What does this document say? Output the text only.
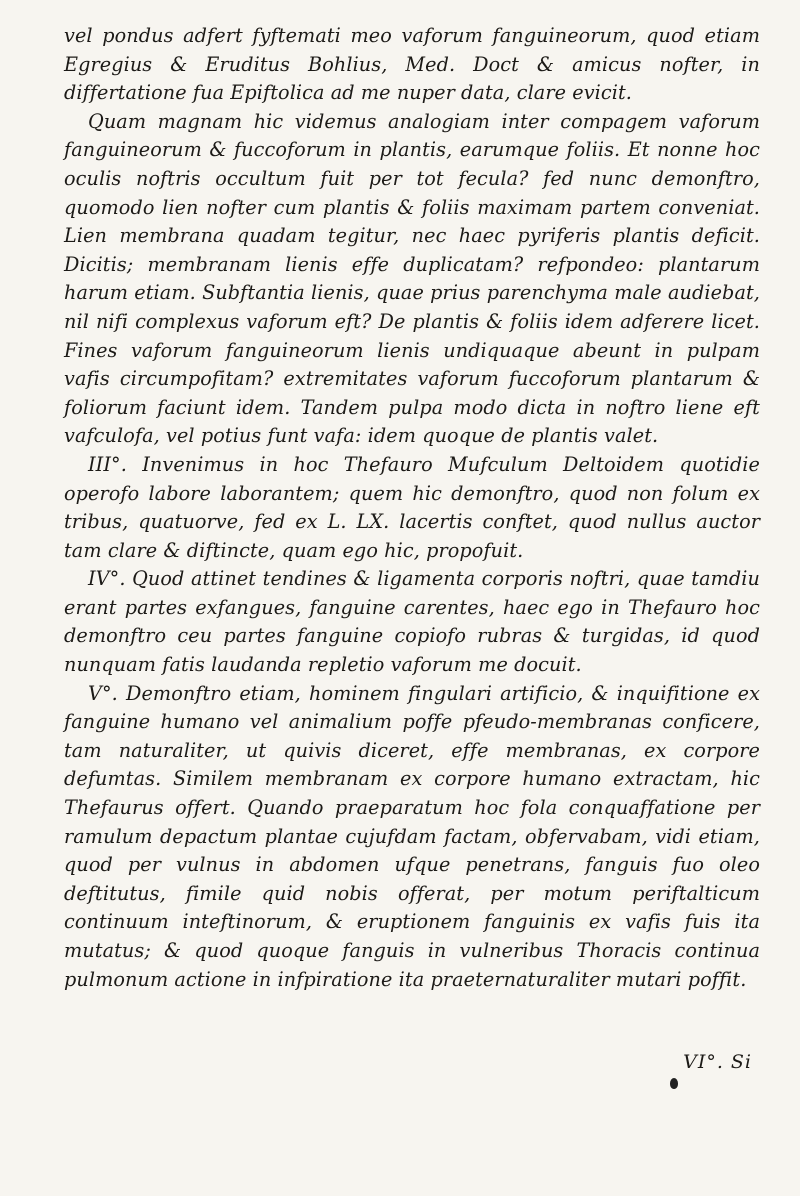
vel pondus adfert fyftemati meo vaforum fanguineorum, quod etiam Egregius & Eruditus Bohlius, Med. Doct & amicus nofter, in differtatione fua Epiftolica ad me nuper data, clare evicit.

Quam magnam hic videmus analogiam inter compagem vaforum fanguineorum & fuccoforum in plantis, earumque foliis. Et nonne hoc oculis noftris occultum fuit per tot fecula? fed nunc demonftro, quomodo lien nofter cum plantis & foliis maximam partem conveniat. Lien membrana quadam tegitur, nec haec pyriferis plantis deficit. Dicitis; membranam lienis effe duplicatam? refpondeo: plantarum harum etiam. Subftantia lienis, quae prius parenchyma male audiebat, nil nifi complexus vaforum eft? De plantis & foliis idem adferere licet. Fines vaforum fanguineorum lienis undiquaque abeunt in pulpam vafis circumpofitam? extremitates vaforum fuccoforum plantarum & foliorum faciunt idem. Tandem pulpa modo dicta in noftro liene eft vafculofa, vel potius funt vafa: idem quoque de plantis valet.

III°. Invenimus in hoc Thefauro Mufculum Deltoidem quotidie operofo labore laborantem; quem hic demonftro, quod non folum ex tribus, quatuorve, fed ex L. LX. lacertis conftet, quod nullus auctor tam clare & diftincte, quam ego hic, propofuit.

IV°. Quod attinet tendines & ligamenta corporis noftri, quae tamdiu erant partes exfangues, fanguine carentes, haec ego in Thefauro hoc demonftro ceu partes fanguine copiofo rubras & turgidas, id quod nunquam fatis laudanda repletio vaforum me docuit.

V°. Demonftro etiam, hominem fingulari artificio, & inquifitione ex fanguine humano vel animalium poffe pfeudo-membranas conficere, tam naturaliter, ut quivis diceret, effe membranas, ex corpore defumtas. Similem membranam ex corpore humano extractam, hic Thefaurus offert. Quando praeparatum hoc fola conquaffatione per ramulum depactum plantae cujufdam factam, obfervabam, vidi etiam, quod per vulnus in abdomen ufque penetrans, fanguis fuo oleo deftitutus, fimile quid nobis offerat, per motum periftalticum continuum inteftinorum, & eruptionem fanguinis ex vafis fuis ita mutatus; & quod quoque fanguis in vulneribus Thoracis continua pulmonum actione in infpiratione ita praeternaturaliter mutari poffit.

VI°. Si
